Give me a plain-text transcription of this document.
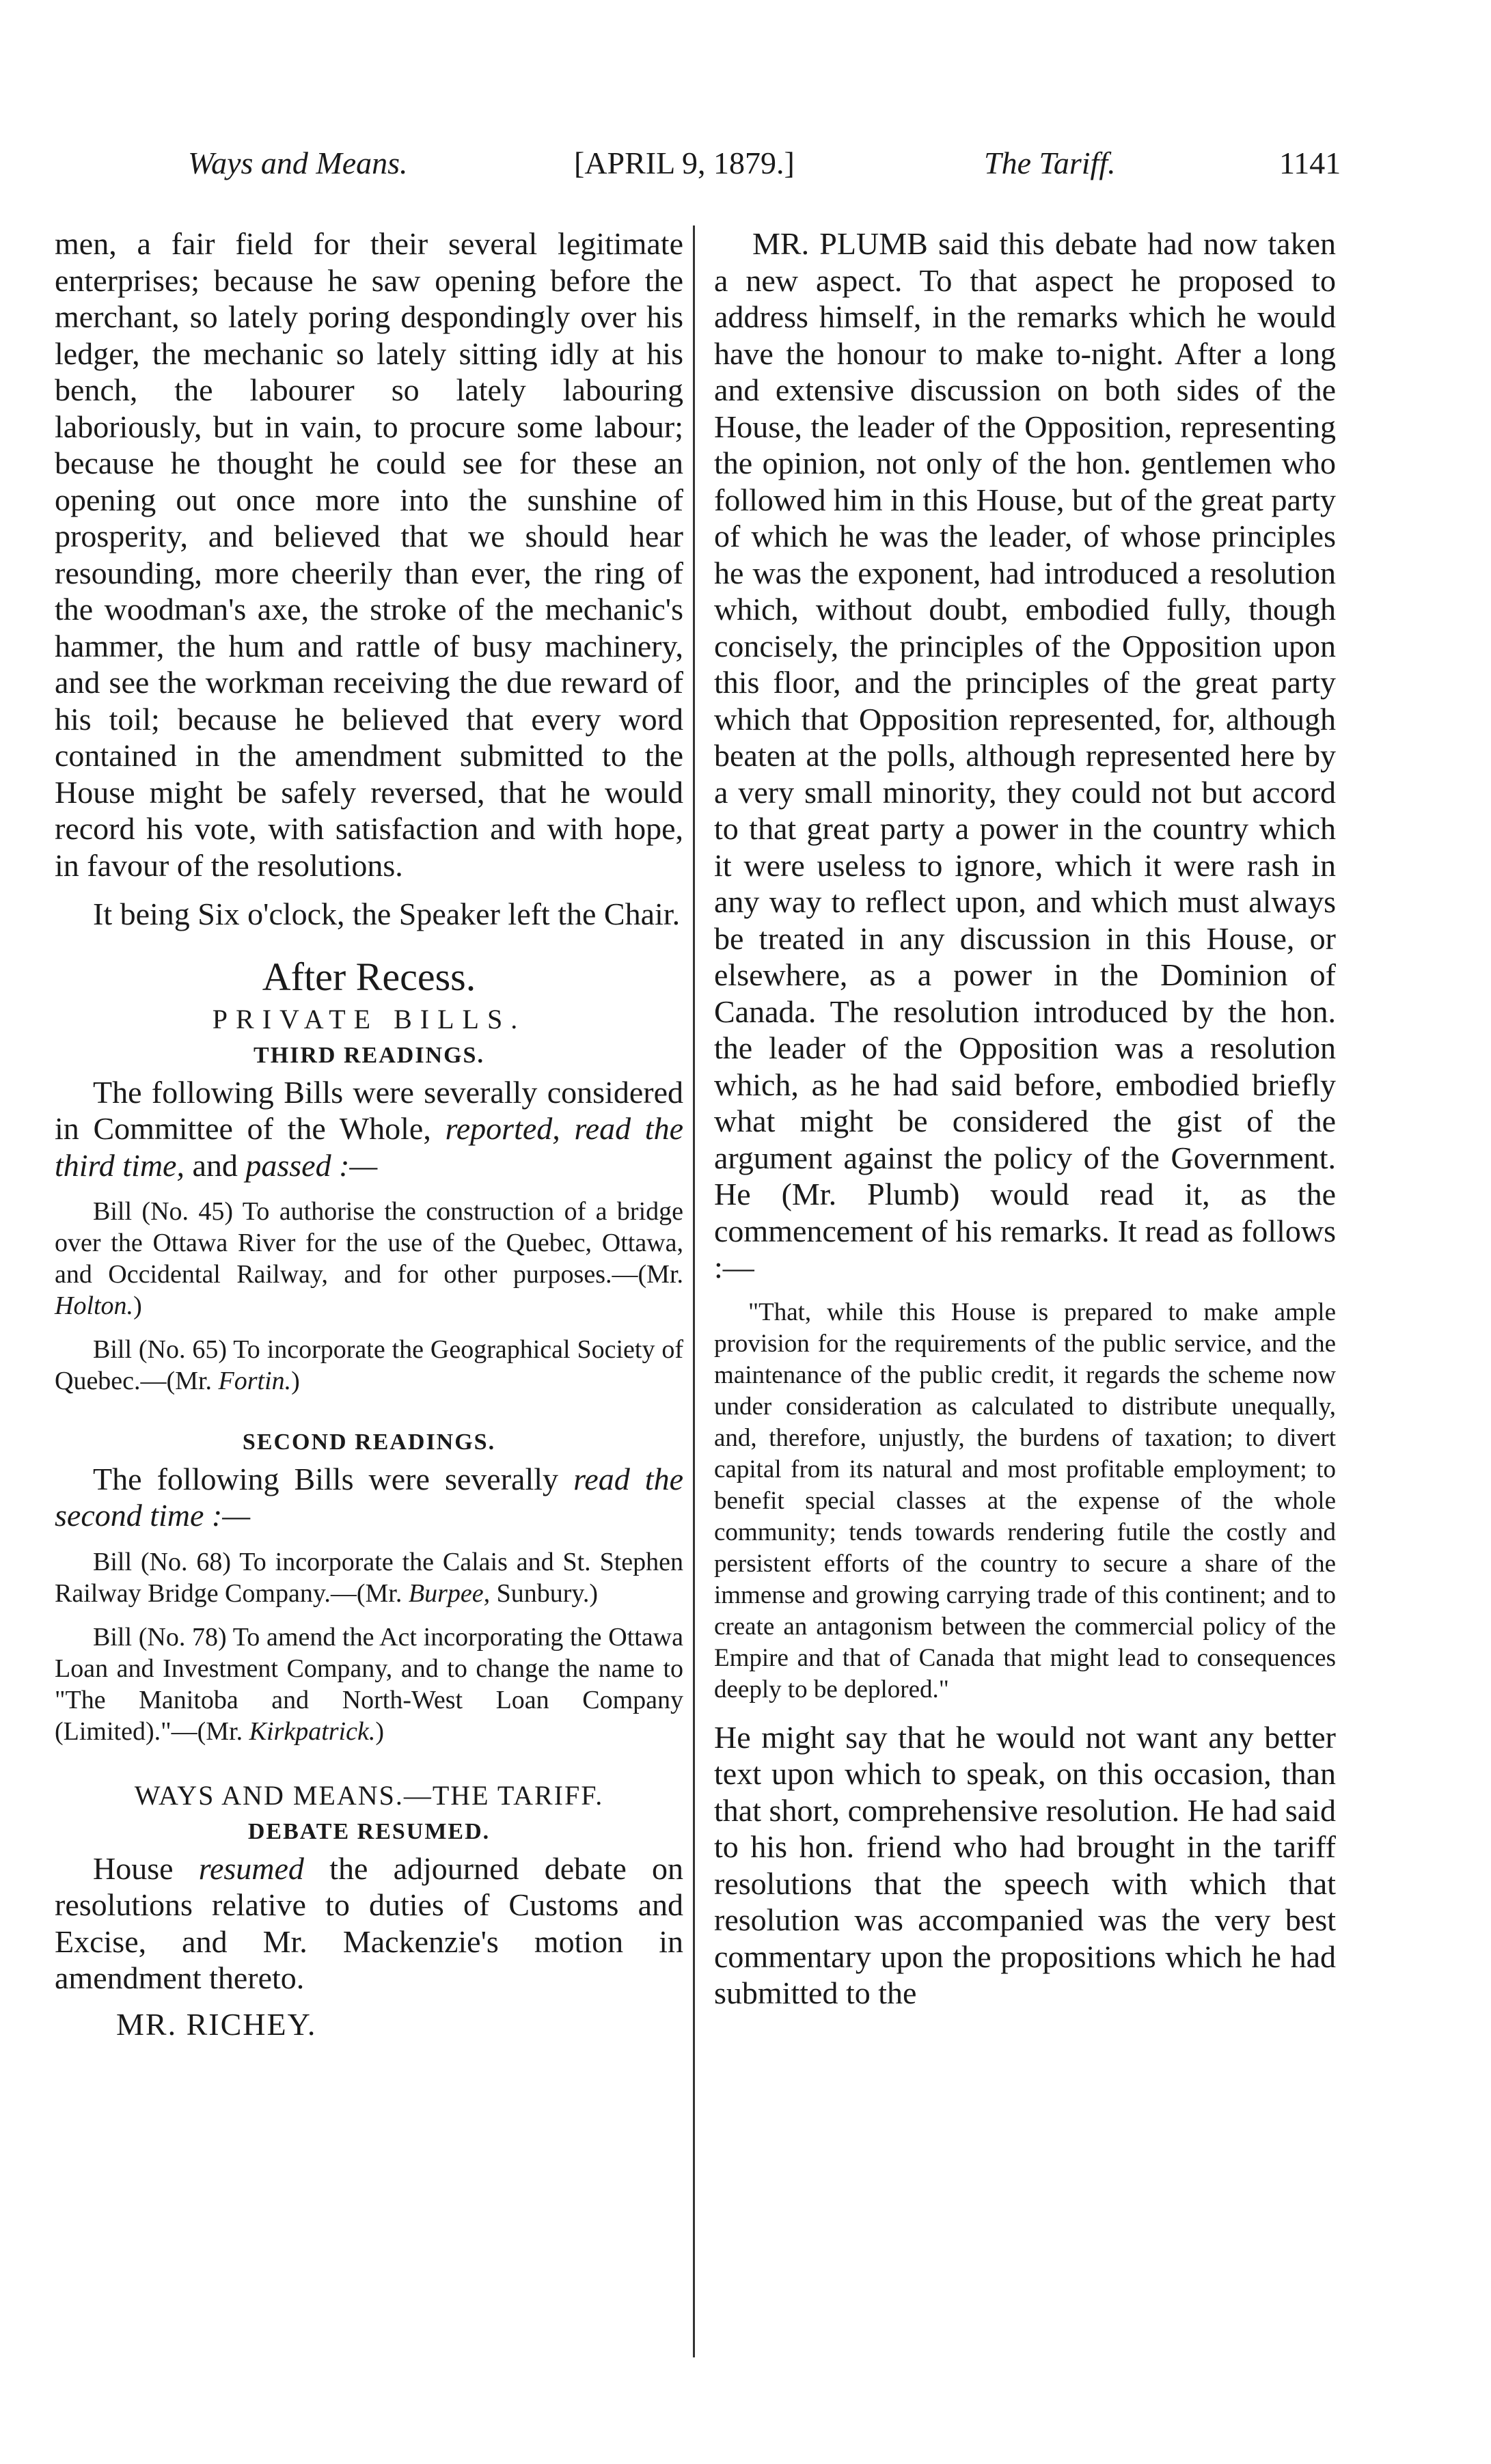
Ways and Means.	[APRIL 9, 1879.]	The Tariff.	1141

men, a fair field for their several legitimate enterprises; because he saw opening before the merchant, so lately poring despondingly over his ledger, the mechanic so lately sitting idly at his bench, the labourer so lately labouring laboriously, but in vain, to procure some labour; because he thought he could see for these an opening out once more into the sunshine of prosperity, and believed that we should hear resounding, more cheerily than ever, the ring of the woodman's axe, the stroke of the mechanic's hammer, the hum and rattle of busy machinery, and see the workman receiving the due reward of his toil; because he believed that every word contained in the amendment submitted to the House might be safely reversed, that he would record his vote, with satisfaction and with hope, in favour of the resolutions.

It being Six o'clock, the Speaker left the Chair.

After Recess.
PRIVATE BILLS.
THIRD READINGS.

The following Bills were severally considered in Committee of the Whole, reported, read the third time, and passed :—

Bill (No. 45) To authorise the construction of a bridge over the Ottawa River for the use of the Quebec, Ottawa, and Occidental Railway, and for other purposes.—(Mr. Holton.)

Bill (No. 65) To incorporate the Geographical Society of Quebec.—(Mr. Fortin.)

SECOND READINGS.

The following Bills were severally read the second time :—

Bill (No. 68) To incorporate the Calais and St. Stephen Railway Bridge Company.—(Mr. Burpee, Sunbury.)

Bill (No. 78) To amend the Act incorporating the Ottawa Loan and Investment Company, and to change the name to "The Manitoba and North-West Loan Company (Limited)."—(Mr. Kirkpatrick.)

WAYS AND MEANS.—THE TARIFF.
DEBATE RESUMED.

House resumed the adjourned debate on resolutions relative to duties of Customs and Excise, and Mr. Mackenzie's motion in amendment thereto.

MR. RICHEY.

MR. PLUMB said this debate had now taken a new aspect. To that aspect he proposed to address himself, in the remarks which he would have the honour to make to-night. After a long and extensive discussion on both sides of the House, the leader of the Opposition, representing the opinion, not only of the hon. gentlemen who followed him in this House, but of the great party of which he was the leader, of whose principles he was the exponent, had introduced a resolution which, without doubt, embodied fully, though concisely, the principles of the Opposition upon this floor, and the principles of the great party which that Opposition represented, for, although beaten at the polls, although represented here by a very small minority, they could not but accord to that great party a power in the country which it were useless to ignore, which it were rash in any way to reflect upon, and which must always be treated in any discussion in this House, or elsewhere, as a power in the Dominion of Canada. The resolution introduced by the hon. the leader of the Opposition was a resolution which, as he had said before, embodied briefly what might be considered the gist of the argument against the policy of the Government. He (Mr. Plumb) would read it, as the commencement of his remarks. It read as follows :—

"That, while this House is prepared to make ample provision for the requirements of the public service, and the maintenance of the public credit, it regards the scheme now under consideration as calculated to distribute unequally, and, therefore, unjustly, the burdens of taxation; to divert capital from its natural and most profitable employment; to benefit special classes at the expense of the whole community; tends towards rendering futile the costly and persistent efforts of the country to secure a share of the immense and growing carrying trade of this continent; and to create an antagonism between the commercial policy of the Empire and that of Canada that might lead to consequences deeply to be deplored."

He might say that he would not want any better text upon which to speak, on this occasion, than that short, comprehensive resolution. He had said to his hon. friend who had brought in the tariff resolutions that the speech with which that resolution was accompanied was the very best commentary upon the propositions which he had submitted to the
